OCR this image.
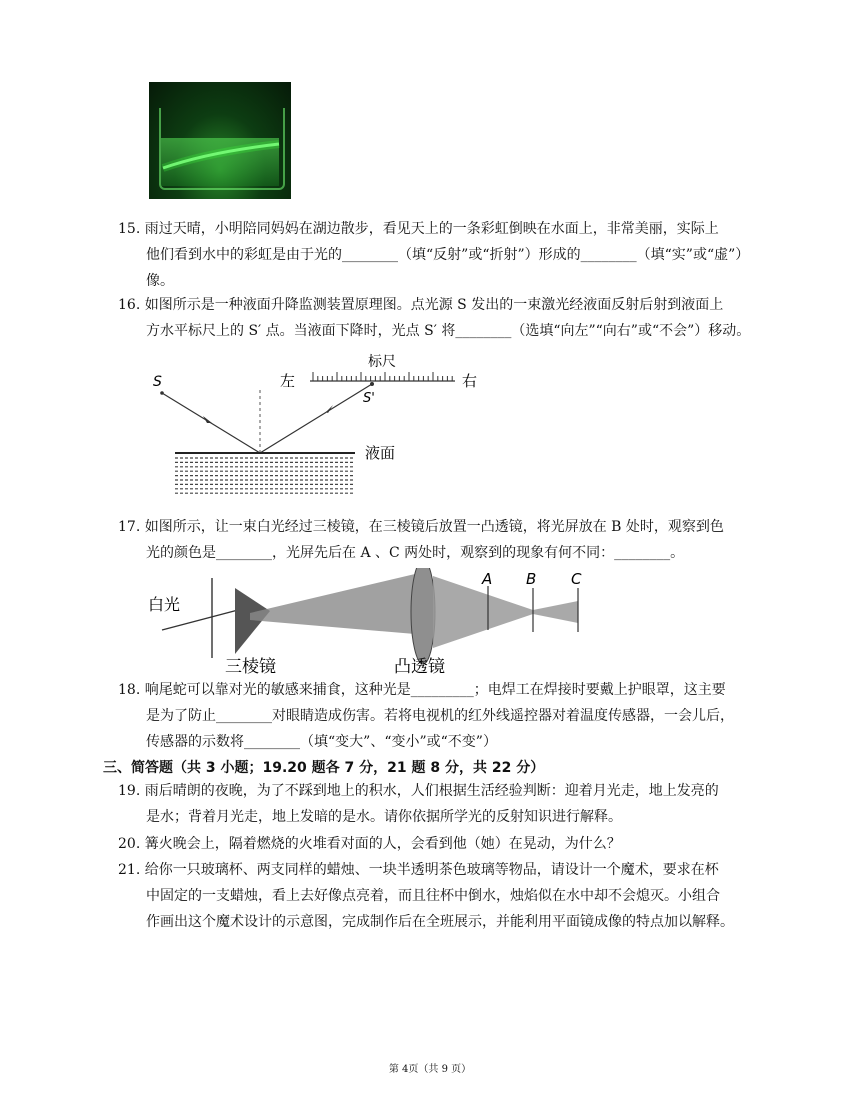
15. 雨过天晴，小明陪同妈妈在湖边散步，看见天上的一条彩虹倒映在水面上，非常美丽，实际上
他们看到水中的彩虹是由于光的________（填“反射”或“折射”）形成的________（填“实”或“虚”）
像。
16. 如图所示是一种液面升降监测装置原理图。点光源 S 发出的一束激光经液面反射后射到液面上
方水平标尺上的 S′ 点。当液面下降时，光点 S′ 将________（选填“向左”“向右”或“不会”）移动。
标尺
左	右
S
S'
液面
17. 如图所示，让一束白光经过三棱镜，在三棱镜后放置一凸透镜，将光屏放在 B 处时，观察到色
光的颜色是________，光屏先后在 A 、C 两处时，观察到的现象有何不同：________。
白光
A B C
三棱镜	凸透镜
18. 响尾蛇可以靠对光的敏感来捕食，这种光是_________；电焊工在焊接时要戴上护眼罩，这主要
是为了防止________对眼睛造成伤害。若将电视机的红外线遥控器对着温度传感器，一会儿后，
传感器的示数将________（填“变大”、“变小”或“不变”）
三、简答题（共 3 小题；19.20 题各 7 分，21 题 8 分，共 22 分）
19. 雨后晴朗的夜晚，为了不踩到地上的积水，人们根据生活经验判断：迎着月光走，地上发亮的
是水；背着月光走，地上发暗的是水。请你依据所学光的反射知识进行解释。
20. 篝火晚会上，隔着燃烧的火堆看对面的人，会看到他（她）在晃动，为什么？
21. 给你一只玻璃杯、两支同样的蜡烛、一块半透明茶色玻璃等物品，请设计一个魔术，要求在杯
中固定的一支蜡烛，看上去好像点亮着，而且往杯中倒水，烛焰似在水中却不会熄灭。小组合
作画出这个魔术设计的示意图，完成制作后在全班展示，并能利用平面镜成像的特点加以解释。
第 4页（共 9 页）
